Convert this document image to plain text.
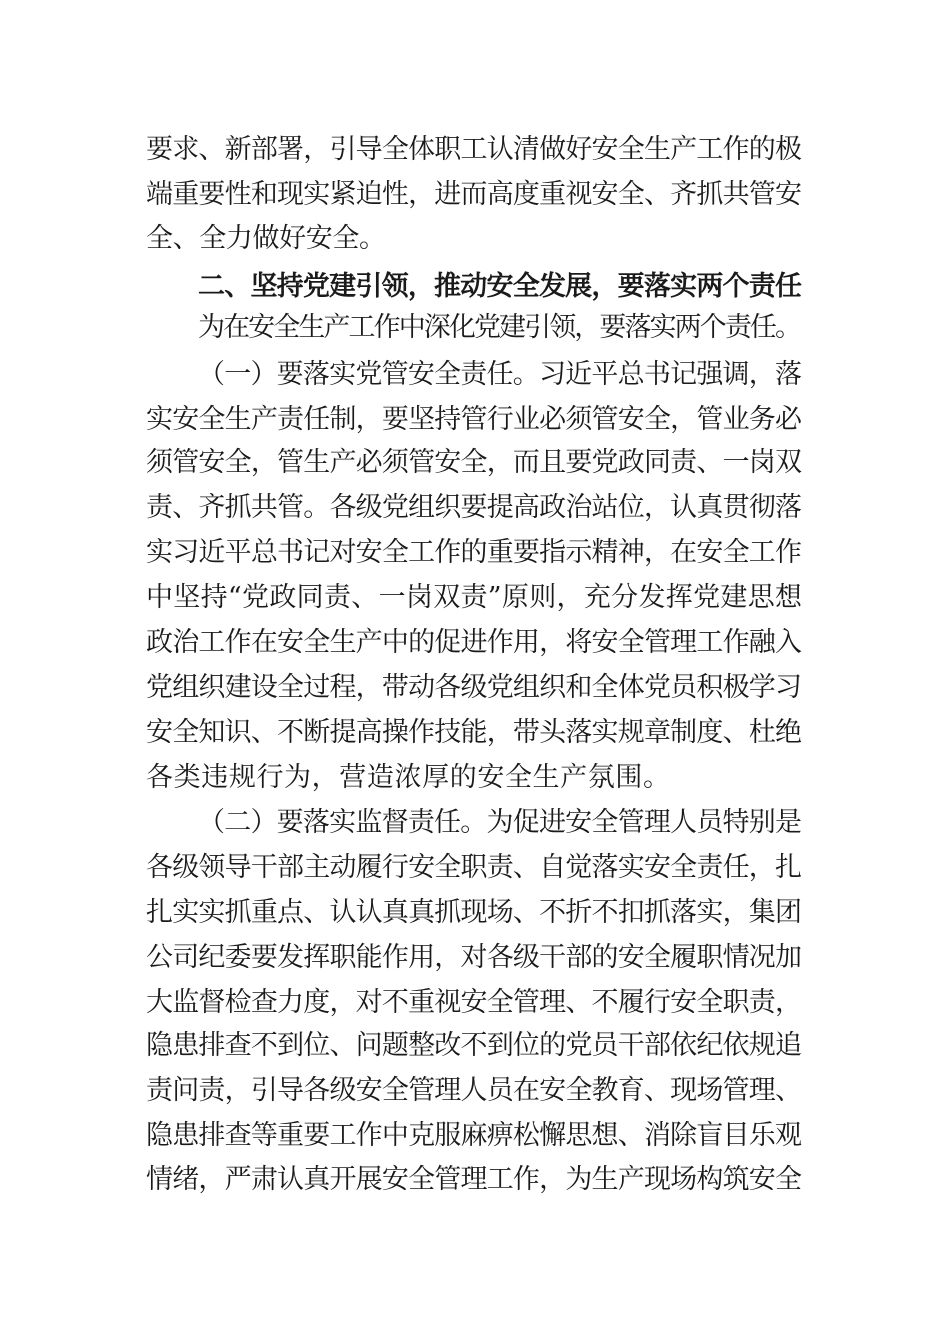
要求、新部署，引导全体职工认清做好安全生产工作的极

端重要性和现实紧迫性，进而高度重视安全、齐抓共管安

全、全力做好安全。

二、坚持党建引领，推动安全发展，要落实两个责任

为在安全生产工作中深化党建引领，要落实两个责任。

（一）要落实党管安全责任。习近平总书记强调，落

实安全生产责任制，要坚持管行业必须管安全，管业务必

须管安全，管生产必须管安全，而且要党政同责、一岗双

责、齐抓共管。各级党组织要提高政治站位，认真贯彻落

实习近平总书记对安全工作的重要指示精神，在安全工作

中坚持“党政同责、一岗双责”原则，充分发挥党建思想

政治工作在安全生产中的促进作用，将安全管理工作融入

党组织建设全过程，带动各级党组织和全体党员积极学习

安全知识、不断提高操作技能，带头落实规章制度、杜绝

各类违规行为，营造浓厚的安全生产氛围。

（二）要落实监督责任。为促进安全管理人员特别是

各级领导干部主动履行安全职责、自觉落实安全责任，扎

扎实实抓重点、认认真真抓现场、不折不扣抓落实，集团

公司纪委要发挥职能作用，对各级干部的安全履职情况加

大监督检查力度，对不重视安全管理、不履行安全职责，

隐患排查不到位、问题整改不到位的党员干部依纪依规追

责问责，引导各级安全管理人员在安全教育、现场管理、

隐患排查等重要工作中克服麻痹松懈思想、消除盲目乐观

情绪，严肃认真开展安全管理工作，为生产现场构筑安全
